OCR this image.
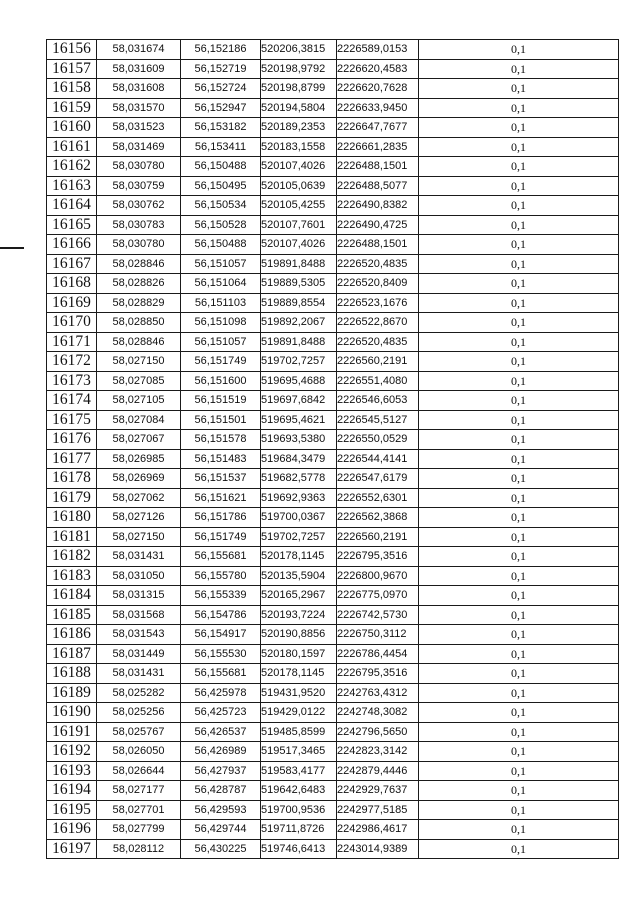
16156	58,031674	56,152186	520206,3815	2226589,0153	0,1
16157	58,031609	56,152719	520198,9792	2226620,4583	0,1
16158	58,031608	56,152724	520198,8799	2226620,7628	0,1
16159	58,031570	56,152947	520194,5804	2226633,9450	0,1
16160	58,031523	56,153182	520189,2353	2226647,7677	0,1
16161	58,031469	56,153411	520183,1558	2226661,2835	0,1
16162	58,030780	56,150488	520107,4026	2226488,1501	0,1
16163	58,030759	56,150495	520105,0639	2226488,5077	0,1
16164	58,030762	56,150534	520105,4255	2226490,8382	0,1
16165	58,030783	56,150528	520107,7601	2226490,4725	0,1
16166	58,030780	56,150488	520107,4026	2226488,1501	0,1
16167	58,028846	56,151057	519891,8488	2226520,4835	0,1
16168	58,028826	56,151064	519889,5305	2226520,8409	0,1
16169	58,028829	56,151103	519889,8554	2226523,1676	0,1
16170	58,028850	56,151098	519892,2067	2226522,8670	0,1
16171	58,028846	56,151057	519891,8488	2226520,4835	0,1
16172	58,027150	56,151749	519702,7257	2226560,2191	0,1
16173	58,027085	56,151600	519695,4688	2226551,4080	0,1
16174	58,027105	56,151519	519697,6842	2226546,6053	0,1
16175	58,027084	56,151501	519695,4621	2226545,5127	0,1
16176	58,027067	56,151578	519693,5380	2226550,0529	0,1
16177	58,026985	56,151483	519684,3479	2226544,4141	0,1
16178	58,026969	56,151537	519682,5778	2226547,6179	0,1
16179	58,027062	56,151621	519692,9363	2226552,6301	0,1
16180	58,027126	56,151786	519700,0367	2226562,3868	0,1
16181	58,027150	56,151749	519702,7257	2226560,2191	0,1
16182	58,031431	56,155681	520178,1145	2226795,3516	0,1
16183	58,031050	56,155780	520135,5904	2226800,9670	0,1
16184	58,031315	56,155339	520165,2967	2226775,0970	0,1
16185	58,031568	56,154786	520193,7224	2226742,5730	0,1
16186	58,031543	56,154917	520190,8856	2226750,3112	0,1
16187	58,031449	56,155530	520180,1597	2226786,4454	0,1
16188	58,031431	56,155681	520178,1145	2226795,3516	0,1
16189	58,025282	56,425978	519431,9520	2242763,4312	0,1
16190	58,025256	56,425723	519429,0122	2242748,3082	0,1
16191	58,025767	56,426537	519485,8599	2242796,5650	0,1
16192	58,026050	56,426989	519517,3465	2242823,3142	0,1
16193	58,026644	56,427937	519583,4177	2242879,4446	0,1
16194	58,027177	56,428787	519642,6483	2242929,7637	0,1
16195	58,027701	56,429593	519700,9536	2242977,5185	0,1
16196	58,027799	56,429744	519711,8726	2242986,4617	0,1
16197	58,028112	56,430225	519746,6413	2243014,9389	0,1
